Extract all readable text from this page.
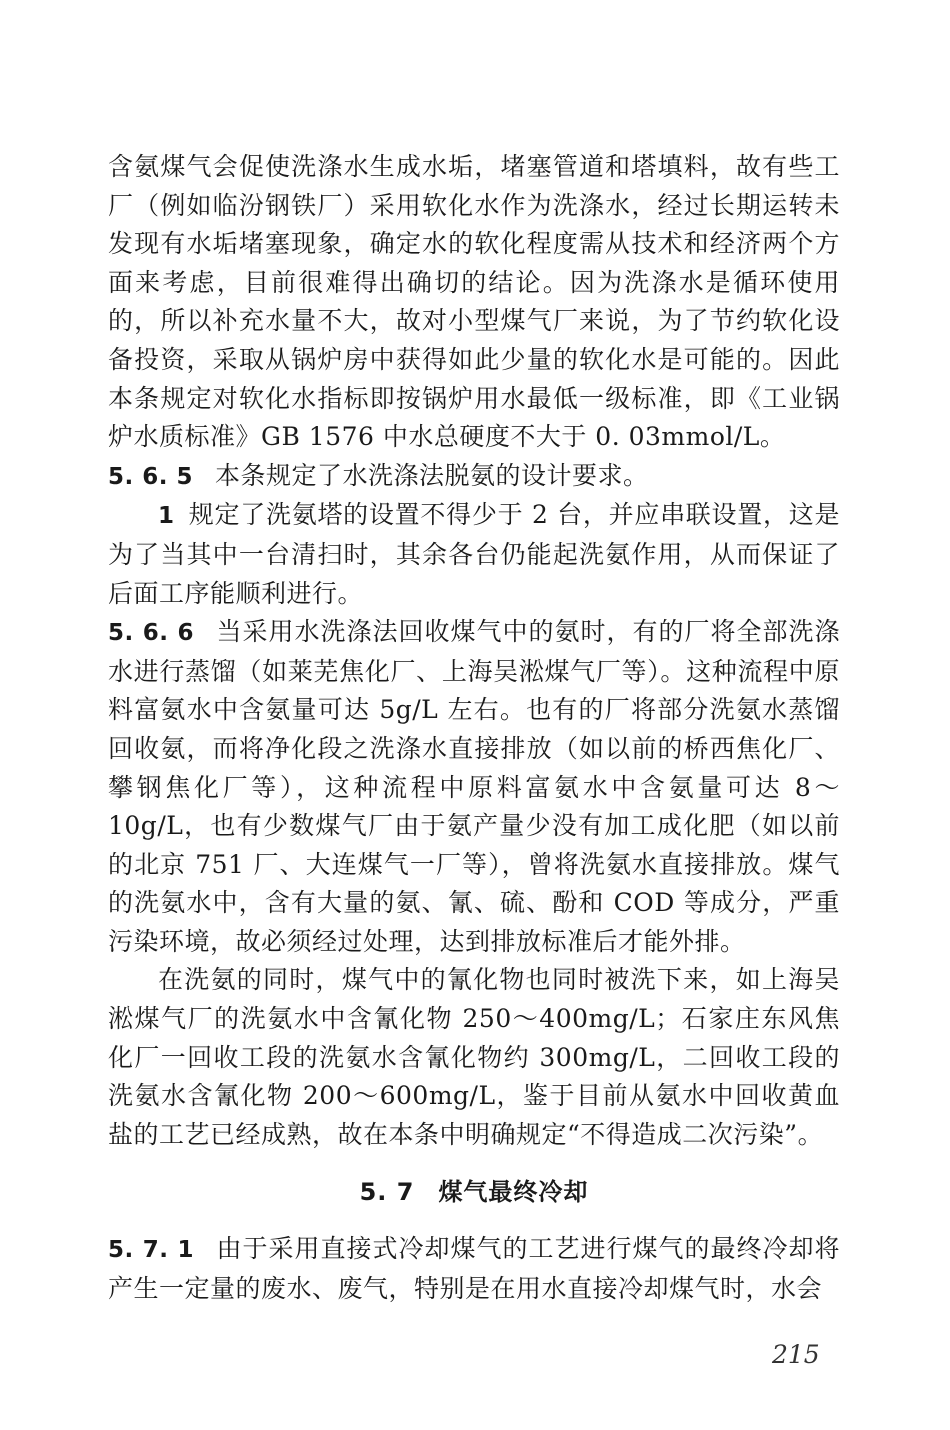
含氨煤气会促使洗涤水生成水垢，堵塞管道和塔填料，故有些工厂（例如临汾钢铁厂）采用软化水作为洗涤水，经过长期运转未发现有水垢堵塞现象，确定水的软化程度需从技术和经济两个方面来考虑，目前很难得出确切的结论。因为洗涤水是循环使用的，所以补充水量不大，故对小型煤气厂来说，为了节约软化设备投资，采取从锅炉房中获得如此少量的软化水是可能的。因此本条规定对软化水指标即按锅炉用水最低一级标准，即《工业锅炉水质标准》GB 1576 中水总硬度不大于 0. 03mmol/L。

5. 6. 5 本条规定了水洗涤法脱氨的设计要求。

1 规定了洗氨塔的设置不得少于 2 台，并应串联设置，这是为了当其中一台清扫时，其余各台仍能起洗氨作用，从而保证了后面工序能顺利进行。

5. 6. 6 当采用水洗涤法回收煤气中的氨时，有的厂将全部洗涤水进行蒸馏（如莱芜焦化厂、上海吴淞煤气厂等）。这种流程中原料富氨水中含氨量可达 5g/L 左右。也有的厂将部分洗氨水蒸馏回收氨，而将净化段之洗涤水直接排放（如以前的桥西焦化厂、攀钢焦化厂等），这种流程中原料富氨水中含氨量可达 8～10g/L，也有少数煤气厂由于氨产量少没有加工成化肥（如以前的北京 751 厂、大连煤气一厂等），曾将洗氨水直接排放。煤气的洗氨水中，含有大量的氨、氰、硫、酚和 COD 等成分，严重污染环境，故必须经过处理，达到排放标准后才能外排。

在洗氨的同时，煤气中的氰化物也同时被洗下来，如上海吴淞煤气厂的洗氨水中含氰化物 250～400mg/L；石家庄东风焦化厂一回收工段的洗氨水含氰化物约 300mg/L，二回收工段的洗氨水含氰化物 200～600mg/L，鉴于目前从氨水中回收黄血盐的工艺已经成熟，故在本条中明确规定“不得造成二次污染”。

5. 7 煤气最终冷却

5. 7. 1 由于采用直接式冷却煤气的工艺进行煤气的最终冷却将产生一定量的废水、废气，特别是在用水直接冷却煤气时，水会

215
